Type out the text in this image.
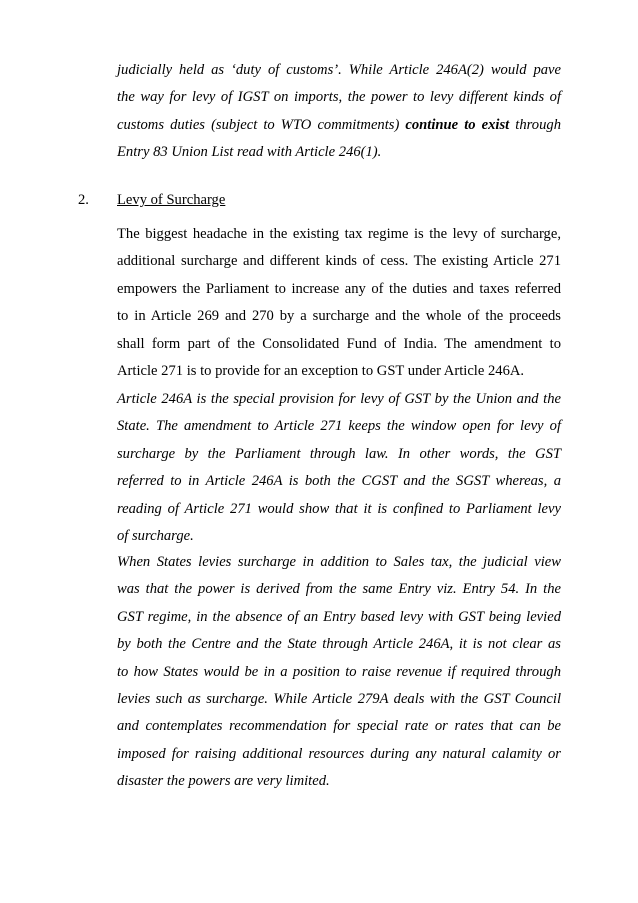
judicially held as ‘duty of customs’. While Article 246A(2) would pave
the way for levy of IGST on imports, the power to levy different kinds of
customs duties (subject to WTO commitments) continue to exist through
Entry 83 Union List read with Article 246(1).
2. Levy of Surcharge
The biggest headache in the existing tax regime is the levy of surcharge,
additional surcharge and different kinds of cess. The existing Article 271
empowers the Parliament to increase any of the duties and taxes referred
to in Article 269 and 270 by a surcharge and the whole of the proceeds
shall form part of the Consolidated Fund of India. The amendment to
Article 271 is to provide for an exception to GST under Article 246A.
Article 246A is the special provision for levy of GST by the Union and the
State. The amendment to Article 271 keeps the window open for levy of
surcharge by the Parliament through law. In other words, the GST
referred to in Article 246A is both the CGST and the SGST whereas, a
reading of Article 271 would show that it is confined to Parliament levy
of surcharge.
When States levies surcharge in addition to Sales tax, the judicial view
was that the power is derived from the same Entry viz. Entry 54. In the
GST regime, in the absence of an Entry based levy with GST being levied
by both the Centre and the State through Article 246A, it is not clear as
to how States would be in a position to raise revenue if required through
levies such as surcharge. While Article 279A deals with the GST Council
and contemplates recommendation for special rate or rates that can be
imposed for raising additional resources during any natural calamity or
disaster the powers are very limited.
